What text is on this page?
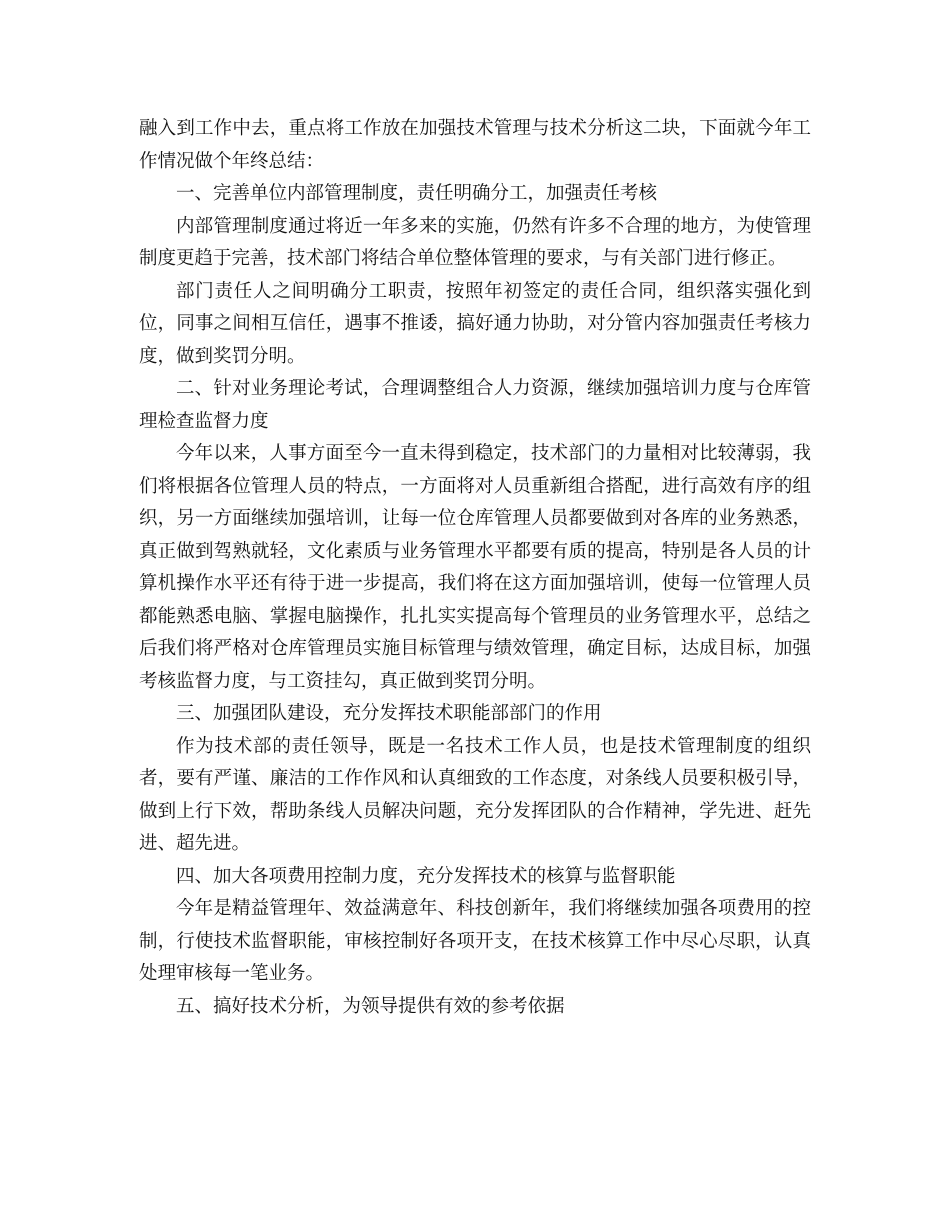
融入到工作中去，重点将工作放在加强技术管理与技术分析这二块，下面就今年工作情况做个年终总结：

一、完善单位内部管理制度，责任明确分工，加强责任考核

内部管理制度通过将近一年多来的实施，仍然有许多不合理的地方，为使管理制度更趋于完善，技术部门将结合单位整体管理的要求，与有关部门进行修正。

部门责任人之间明确分工职责，按照年初签定的责任合同，组织落实强化到位，同事之间相互信任，遇事不推诿，搞好通力协助，对分管内容加强责任考核力度，做到奖罚分明。

二、针对业务理论考试，合理调整组合人力资源，继续加强培训力度与仓库管理检查监督力度

今年以来，人事方面至今一直未得到稳定，技术部门的力量相对比较薄弱，我们将根据各位管理人员的特点，一方面将对人员重新组合搭配，进行高效有序的组织，另一方面继续加强培训，让每一位仓库管理人员都要做到对各库的业务熟悉，真正做到驾熟就轻，文化素质与业务管理水平都要有质的提高，特别是各人员的计算机操作水平还有待于进一步提高，我们将在这方面加强培训，使每一位管理人员都能熟悉电脑、掌握电脑操作，扎扎实实提高每个管理员的业务管理水平，总结之后我们将严格对仓库管理员实施目标管理与绩效管理，确定目标，达成目标，加强考核监督力度，与工资挂勾，真正做到奖罚分明。

三、加强团队建设，充分发挥技术职能部部门的作用

作为技术部的责任领导，既是一名技术工作人员，也是技术管理制度的组织者，要有严谨、廉洁的工作作风和认真细致的工作态度，对条线人员要积极引导，做到上行下效，帮助条线人员解决问题，充分发挥团队的合作精神，学先进、赶先进、超先进。

四、加大各项费用控制力度，充分发挥技术的核算与监督职能

今年是精益管理年、效益满意年、科技创新年，我们将继续加强各项费用的控制，行使技术监督职能，审核控制好各项开支，在技术核算工作中尽心尽职，认真处理审核每一笔业务。

五、搞好技术分析，为领导提供有效的参考依据
